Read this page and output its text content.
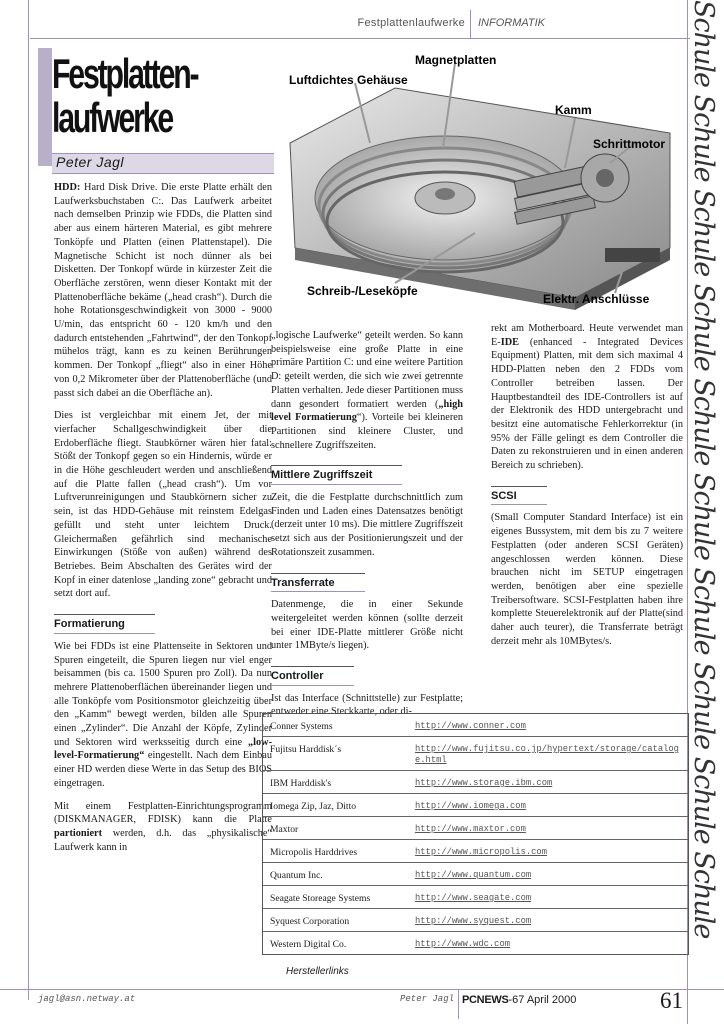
Festplattenlaufwerke INFORMATIK
Festplatten-
laufwerke
Peter Jagl
Magnetplatten
Luftdichtes Gehäuse
Kamm
Schrittmotor
Schreib-/Leseköpfe
Elektr. Anschlüsse

HDD: Hard Disk Drive. Die erste Platte erhält den Laufwerksbuchstaben C:. Das Laufwerk arbeitet nach demselben Prinzip wie FDDs, die Platten sind aber aus einem härteren Material, es gibt mehrere Tonköpfe und Platten (einen Plattenstapel). Die Magnetische Schicht ist noch dünner als bei Disketten. Der Tonkopf würde in kürzester Zeit die Oberfläche zerstören, wenn dieser Kontakt mit der Plattenoberfläche bekäme („head crash“). Durch die hohe Rotationsgeschwindigkeit von 3000 - 9000 U/min, das entspricht 60 - 120 km/h und den dadurch entstehenden „Fahrtwind“, der den Tonkopf mühelos trägt, kann es zu keinen Berührungen kommen. Der Tonkopf „fliegt“ also in einer Höhe von 0,2 Mikrometer über der Plattenoberfläche (und passt sich dabei an die Oberfläche an).

Dies ist vergleichbar mit einem Jet, der mit vierfacher Schallgeschwindigkeit über die Erdoberfläche fliegt. Staubkörner wären hier fatal: Stößt der Tonkopf gegen so ein Hindernis, würde er in die Höhe geschleudert werden und anschließend auf die Platte fallen („head crash“). Um vor Luftverunreinigungen und Staubkörnern sicher zu sein, ist das HDD-Gehäuse mit reinstem Edelgas gefüllt und steht unter leichtem Druck. Gleichermaßen gefährlich sind mechanische Einwirkungen (Stöße von außen) während des Betriebes. Beim Abschalten des Gerätes wird der Kopf in einer datenlose „landing zone“ gebracht und setzt dort auf.

Formatierung

Wie bei FDDs ist eine Plattenseite in Sektoren und Spuren eingeteilt, die Spuren liegen nur viel enger beisammen (bis ca. 1500 Spuren pro Zoll). Da nun mehrere Plattenoberflächen übereinander liegen und alle Tonköpfe vom Positionsmotor gleichzeitig über den „Kamm“ bewegt werden, bilden alle Spuren einen „Zylinder“. Die Anzahl der Köpfe, Zylinder und Sektoren wird werksseitig durch eine „low-level-Formatierung“ eingestellt. Nach dem Einbau einer HD werden diese Werte in das Setup des BIOS eingetragen.

Mit einem Festplatten-Einrichtungsprogramm (DISKMANAGER, FDISK) kann die Platte partioniert werden, d.h. das „physikalische“ Laufwerk kann in

„logische Laufwerke“ geteilt werden. So kann beispielsweise eine große Platte in eine primäre Partition C: und eine weitere Partition D: geteilt werden, die sich wie zwei getrennte Platten verhalten. Jede dieser Partitionen muss dann gesondert formatiert werden („high level Formatierung“). Vorteile bei kleineren Partitionen sind kleinere Cluster, und schnellere Zugriffszeiten.

Mittlere Zugriffszeit

Zeit, die die Festplatte durchschnittlich zum Finden und Laden eines Datensatzes benötigt (derzeit unter 10 ms). Die mittlere Zugriffszeit setzt sich aus der Positionierungszeit und der Rotationszeit zusammen.

Transferrate

Datenmenge, die in einer Sekunde weitergeleitet werden können (sollte derzeit bei einer IDE-Platte mittlerer Größe nicht unter 1MByte/s liegen).

Controller

Ist das Interface (Schnittstelle) zur Festplatte; entweder eine Steckkarte, oder di-

rekt am Motherboard. Heute verwendet man E-IDE (enhanced - Integrated Devices Equipment) Platten, mit dem sich maximal 4 HDD-Platten neben den 2 FDDs vom Controller betreiben lassen. Der Hauptbestandteil des IDE-Controllers ist auf der Elektronik des HDD untergebracht und besitzt eine automatische Fehlerkorrektur (in 95% der Fälle gelingt es dem Controller die Daten zu rekonstruieren und in einen anderen Bereich zu schrieben).

SCSI

(Small Computer Standard Interface) ist ein eigenes Bussystem, mit dem bis zu 7 weitere Festplatten (oder anderen SCSI Geräten) angeschlossen werden können. Diese brauchen nicht im SETUP eingetragen werden, benötigen aber eine spezielle Treibersoftware. SCSI-Festplatten haben ihre komplette Steuerelektronik auf der Platte(sind daher auch teurer), die Transferrate beträgt derzeit mehr als 10MBytes/s.

Conner Systems	http://www.conner.com
Fujitsu Harddisk´s	http://www.fujitsu.co.jp/hypertext/storage/cataloge.html
IBM Harddisk's	http://www.storage.ibm.com
Iomega Zip, Jaz, Ditto	http://www.iomega.com
Maxtor	http://www.maxtor.com
Micropolis Harddrives	http://www.micropolis.com
Quantum Inc.	http://www.quantum.com
Seagate Storeage Systems	http://www.seagate.com
Syquest Corporation	http://www.syquest.com
Western Digital Co.	http://www.wdc.com
Herstellerlinks
jagl@asn.netway.at	Peter Jagl PCNEWS-67 April 2000	61
Schule Schule Schule Schule Schule Schule Schule Schule Schule Schule
